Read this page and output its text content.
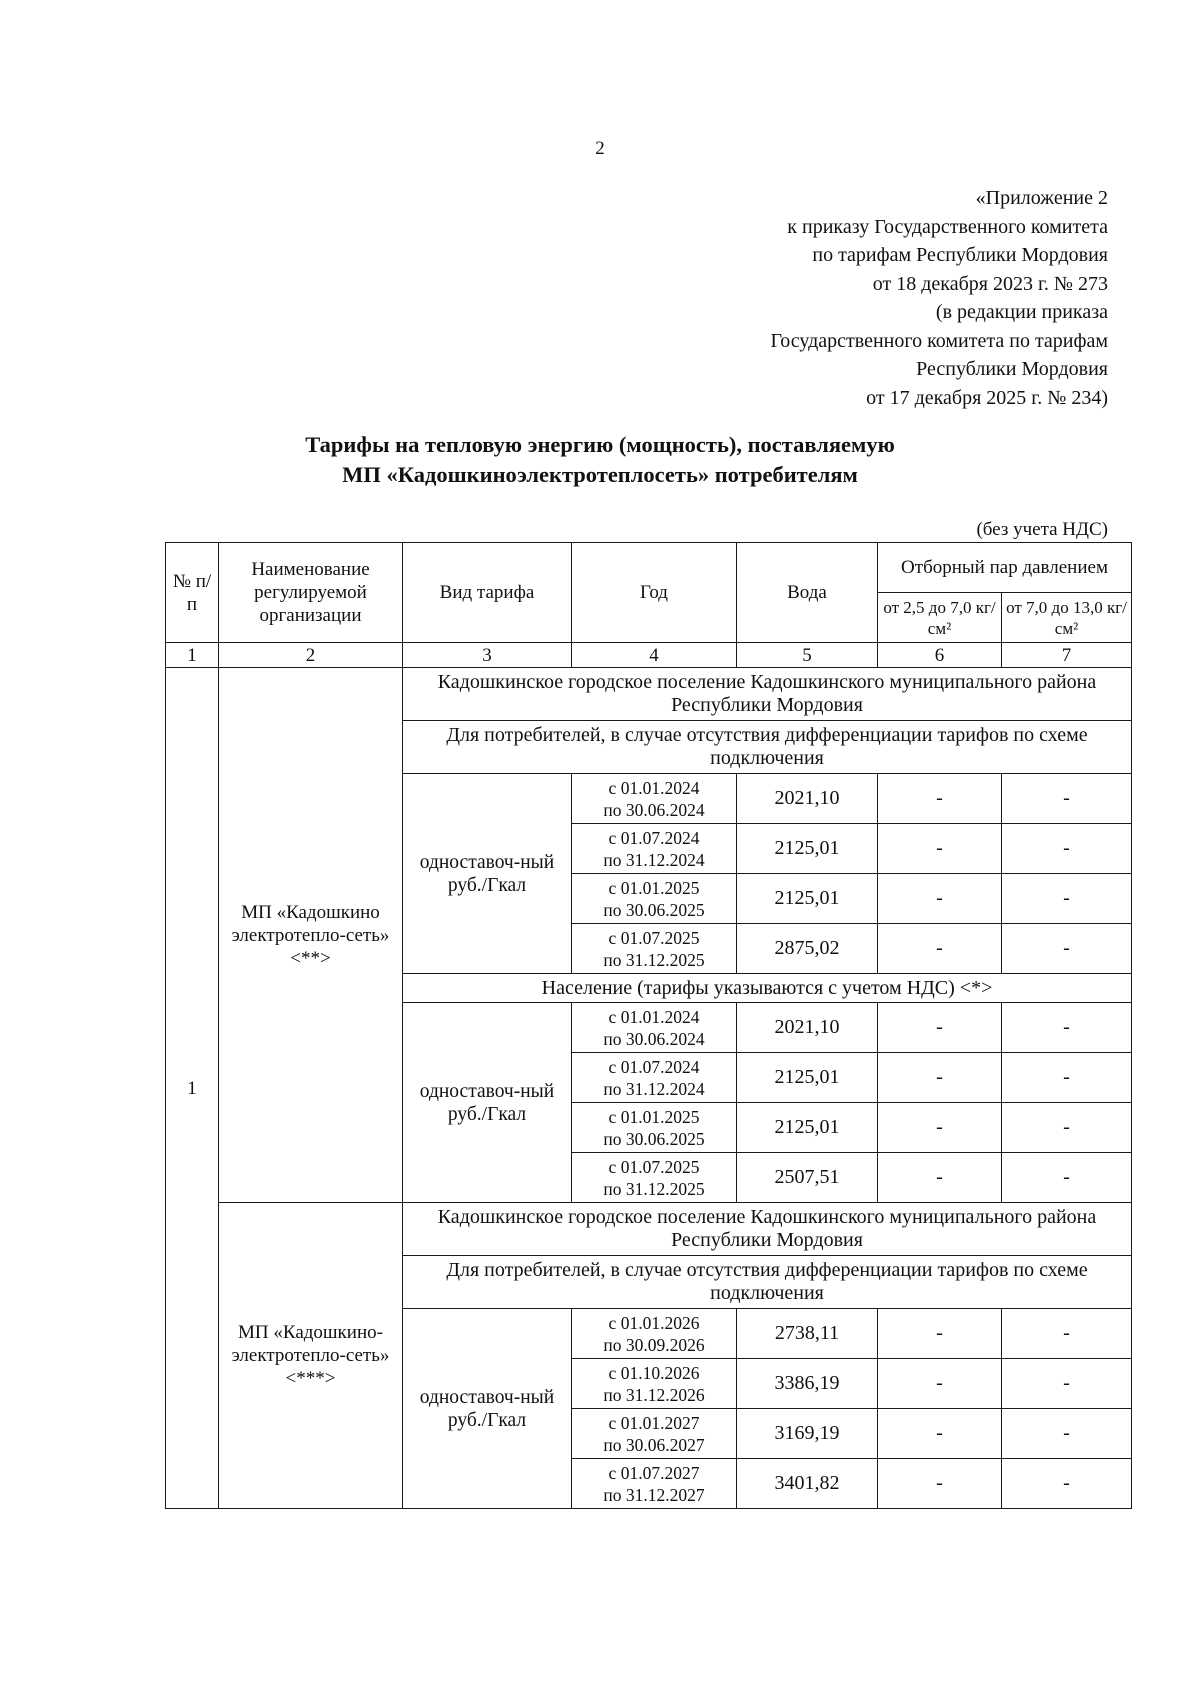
2
«Приложение 2
к приказу Государственного комитета
по тарифам Республики Мордовия
от 18 декабря 2023 г. № 273
(в редакции приказа
Государственного комитета по тарифам
Республики Мордовия
от 17 декабря 2025 г. № 234)
Тарифы на тепловую энергию (мощность), поставляемую
МП «Кадошкиноэлектротеплосеть» потребителям
(без учета НДС)
№ п/п	Наименование регулируемой организации	Вид тарифа	Год	Вода	Отборный пар давлением	
					от 2,5 до 7,0 кг/см²	от 7,0 до 13,0 кг/см²
1	2	3	4	5	6	7
1	МП «Кадошкино электротепло-сеть» <**>	Кадошкинское городское поселение Кадошкинского муниципального района Республики Мордовия				
		Для потребителей, в случае отсутствия дифференциации тарифов по схеме подключения				
		одноставоч-ный руб./Гкал	с 01.01.2024
по 30.06.2024	2021,10	-	-
			с 01.07.2024
по 31.12.2024	2125,01	-	-
			с 01.01.2025
по 30.06.2025	2125,01	-	-
			с 01.07.2025
по 31.12.2025	2875,02	-	-
		Население (тарифы указываются с учетом НДС) <*>				
		одноставоч-ный руб./Гкал	с 01.01.2024
по 30.06.2024	2021,10	-	-
			с 01.07.2024
по 31.12.2024	2125,01	-	-
			с 01.01.2025
по 30.06.2025	2125,01	-	-
			с 01.07.2025
по 31.12.2025	2507,51	-	-
	МП «Кадошкино-электротепло-сеть» <***>	Кадошкинское городское поселение Кадошкинского муниципального района Республики Мордовия				
		Для потребителей, в случае отсутствия дифференциации тарифов по схеме подключения				
		одноставоч-ный руб./Гкал	с 01.01.2026
по 30.09.2026	2738,11	-	-
			с 01.10.2026
по 31.12.2026	3386,19	-	-
			с 01.01.2027
по 30.06.2027	3169,19	-	-
			с 01.07.2027
по 31.12.2027	3401,82	-	-
